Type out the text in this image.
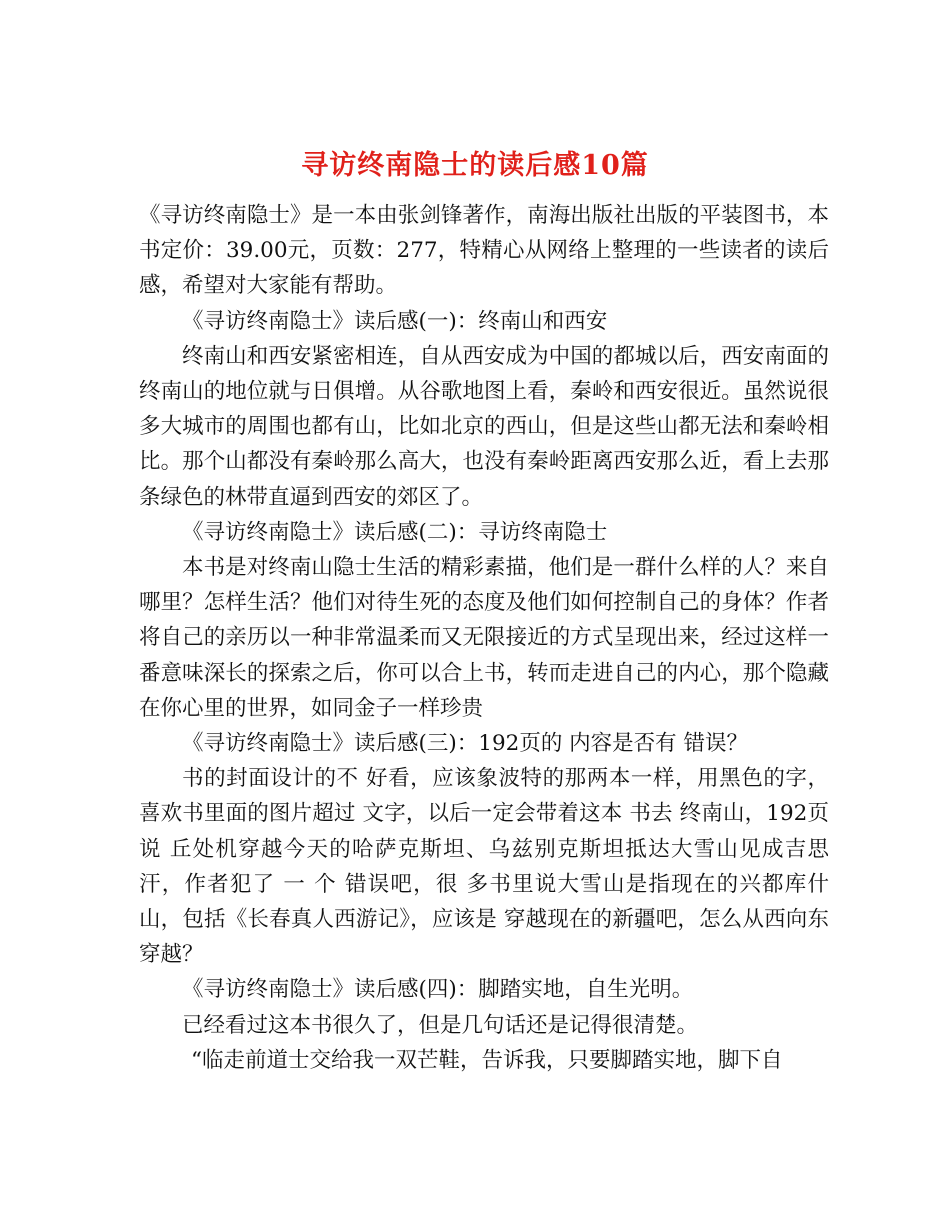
寻访终南隐士的读后感10篇

《寻访终南隐士》是一本由张剑锋著作，南海出版社出版的平装图书，本书定价：39.00元，页数：277，特精心从网络上整理的一些读者的读后感，希望对大家能有帮助。

《寻访终南隐士》读后感(一)：终南山和西安

终南山和西安紧密相连，自从西安成为中国的都城以后，西安南面的终南山的地位就与日俱增。从谷歌地图上看，秦岭和西安很近。虽然说很多大城市的周围也都有山，比如北京的西山，但是这些山都无法和秦岭相比。那个山都没有秦岭那么高大，也没有秦岭距离西安那么近，看上去那条绿色的林带直逼到西安的郊区了。

《寻访终南隐士》读后感(二)：寻访终南隐士

本书是对终南山隐士生活的精彩素描，他们是一群什么样的人？来自哪里？怎样生活？他们对待生死的态度及他们如何控制自己的身体？作者将自己的亲历以一种非常温柔而又无限接近的方式呈现出来，经过这样一番意味深长的探索之后，你可以合上书，转而走进自己的内心，那个隐藏在你心里的世界，如同金子一样珍贵

《寻访终南隐士》读后感(三)：192页的 内容是否有 错误？

书的封面设计的不 好看，应该象波特的那两本一样，用黑色的字，喜欢书里面的图片超过 文字，以后一定会带着这本 书去 终南山，192页说 丘处机穿越今天的哈萨克斯坦、乌兹别克斯坦抵达大雪山见成吉思汗，作者犯了 一 个 错误吧，很 多书里说大雪山是指现在的兴都库什山，包括《长春真人西游记》，应该是 穿越现在的新疆吧，怎么从西向东穿越？

《寻访终南隐士》读后感(四)：脚踏实地，自生光明。

已经看过这本书很久了，但是几句话还是记得很清楚。

“临走前道士交给我一双芒鞋，告诉我，只要脚踏实地，脚下自
